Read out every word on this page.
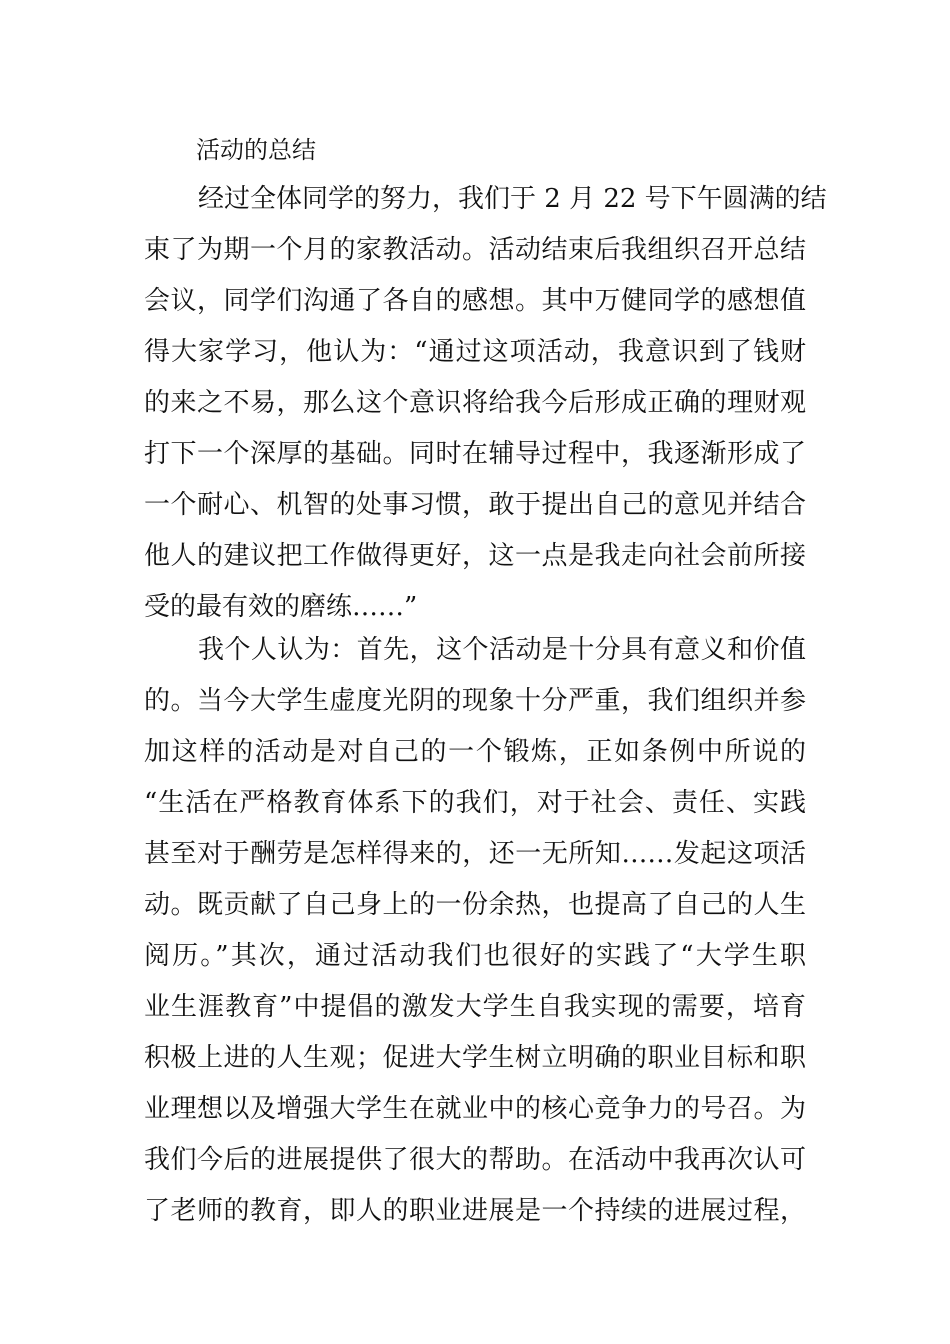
活动的总结
经过全体同学的努力，我们于 2 月 22 号下午圆满的结
束了为期一个月的家教活动。活动结束后我组织召开总结
会议，同学们沟通了各自的感想。其中万健同学的感想值
得大家学习，他认为：“通过这项活动，我意识到了钱财
的来之不易，那么这个意识将给我今后形成正确的理财观
打下一个深厚的基础。同时在辅导过程中，我逐渐形成了
一个耐心、机智的处事习惯，敢于提出自己的意见并结合
他人的建议把工作做得更好，这一点是我走向社会前所接
受的最有效的磨练……”
我个人认为：首先，这个活动是十分具有意义和价值
的。当今大学生虚度光阴的现象十分严重，我们组织并参
加这样的活动是对自己的一个锻炼，正如条例中所说的
“生活在严格教育体系下的我们，对于社会、责任、实践
甚至对于酬劳是怎样得来的，还一无所知……发起这项活
动。既贡献了自己身上的一份余热，也提高了自己的人生
阅历。”其次，通过活动我们也很好的实践了“大学生职
业生涯教育”中提倡的激发大学生自我实现的需要，培育
积极上进的人生观；促进大学生树立明确的职业目标和职
业理想以及增强大学生在就业中的核心竞争力的号召。为
我们今后的进展提供了很大的帮助。在活动中我再次认可
了老师的教育，即人的职业进展是一个持续的进展过程，
